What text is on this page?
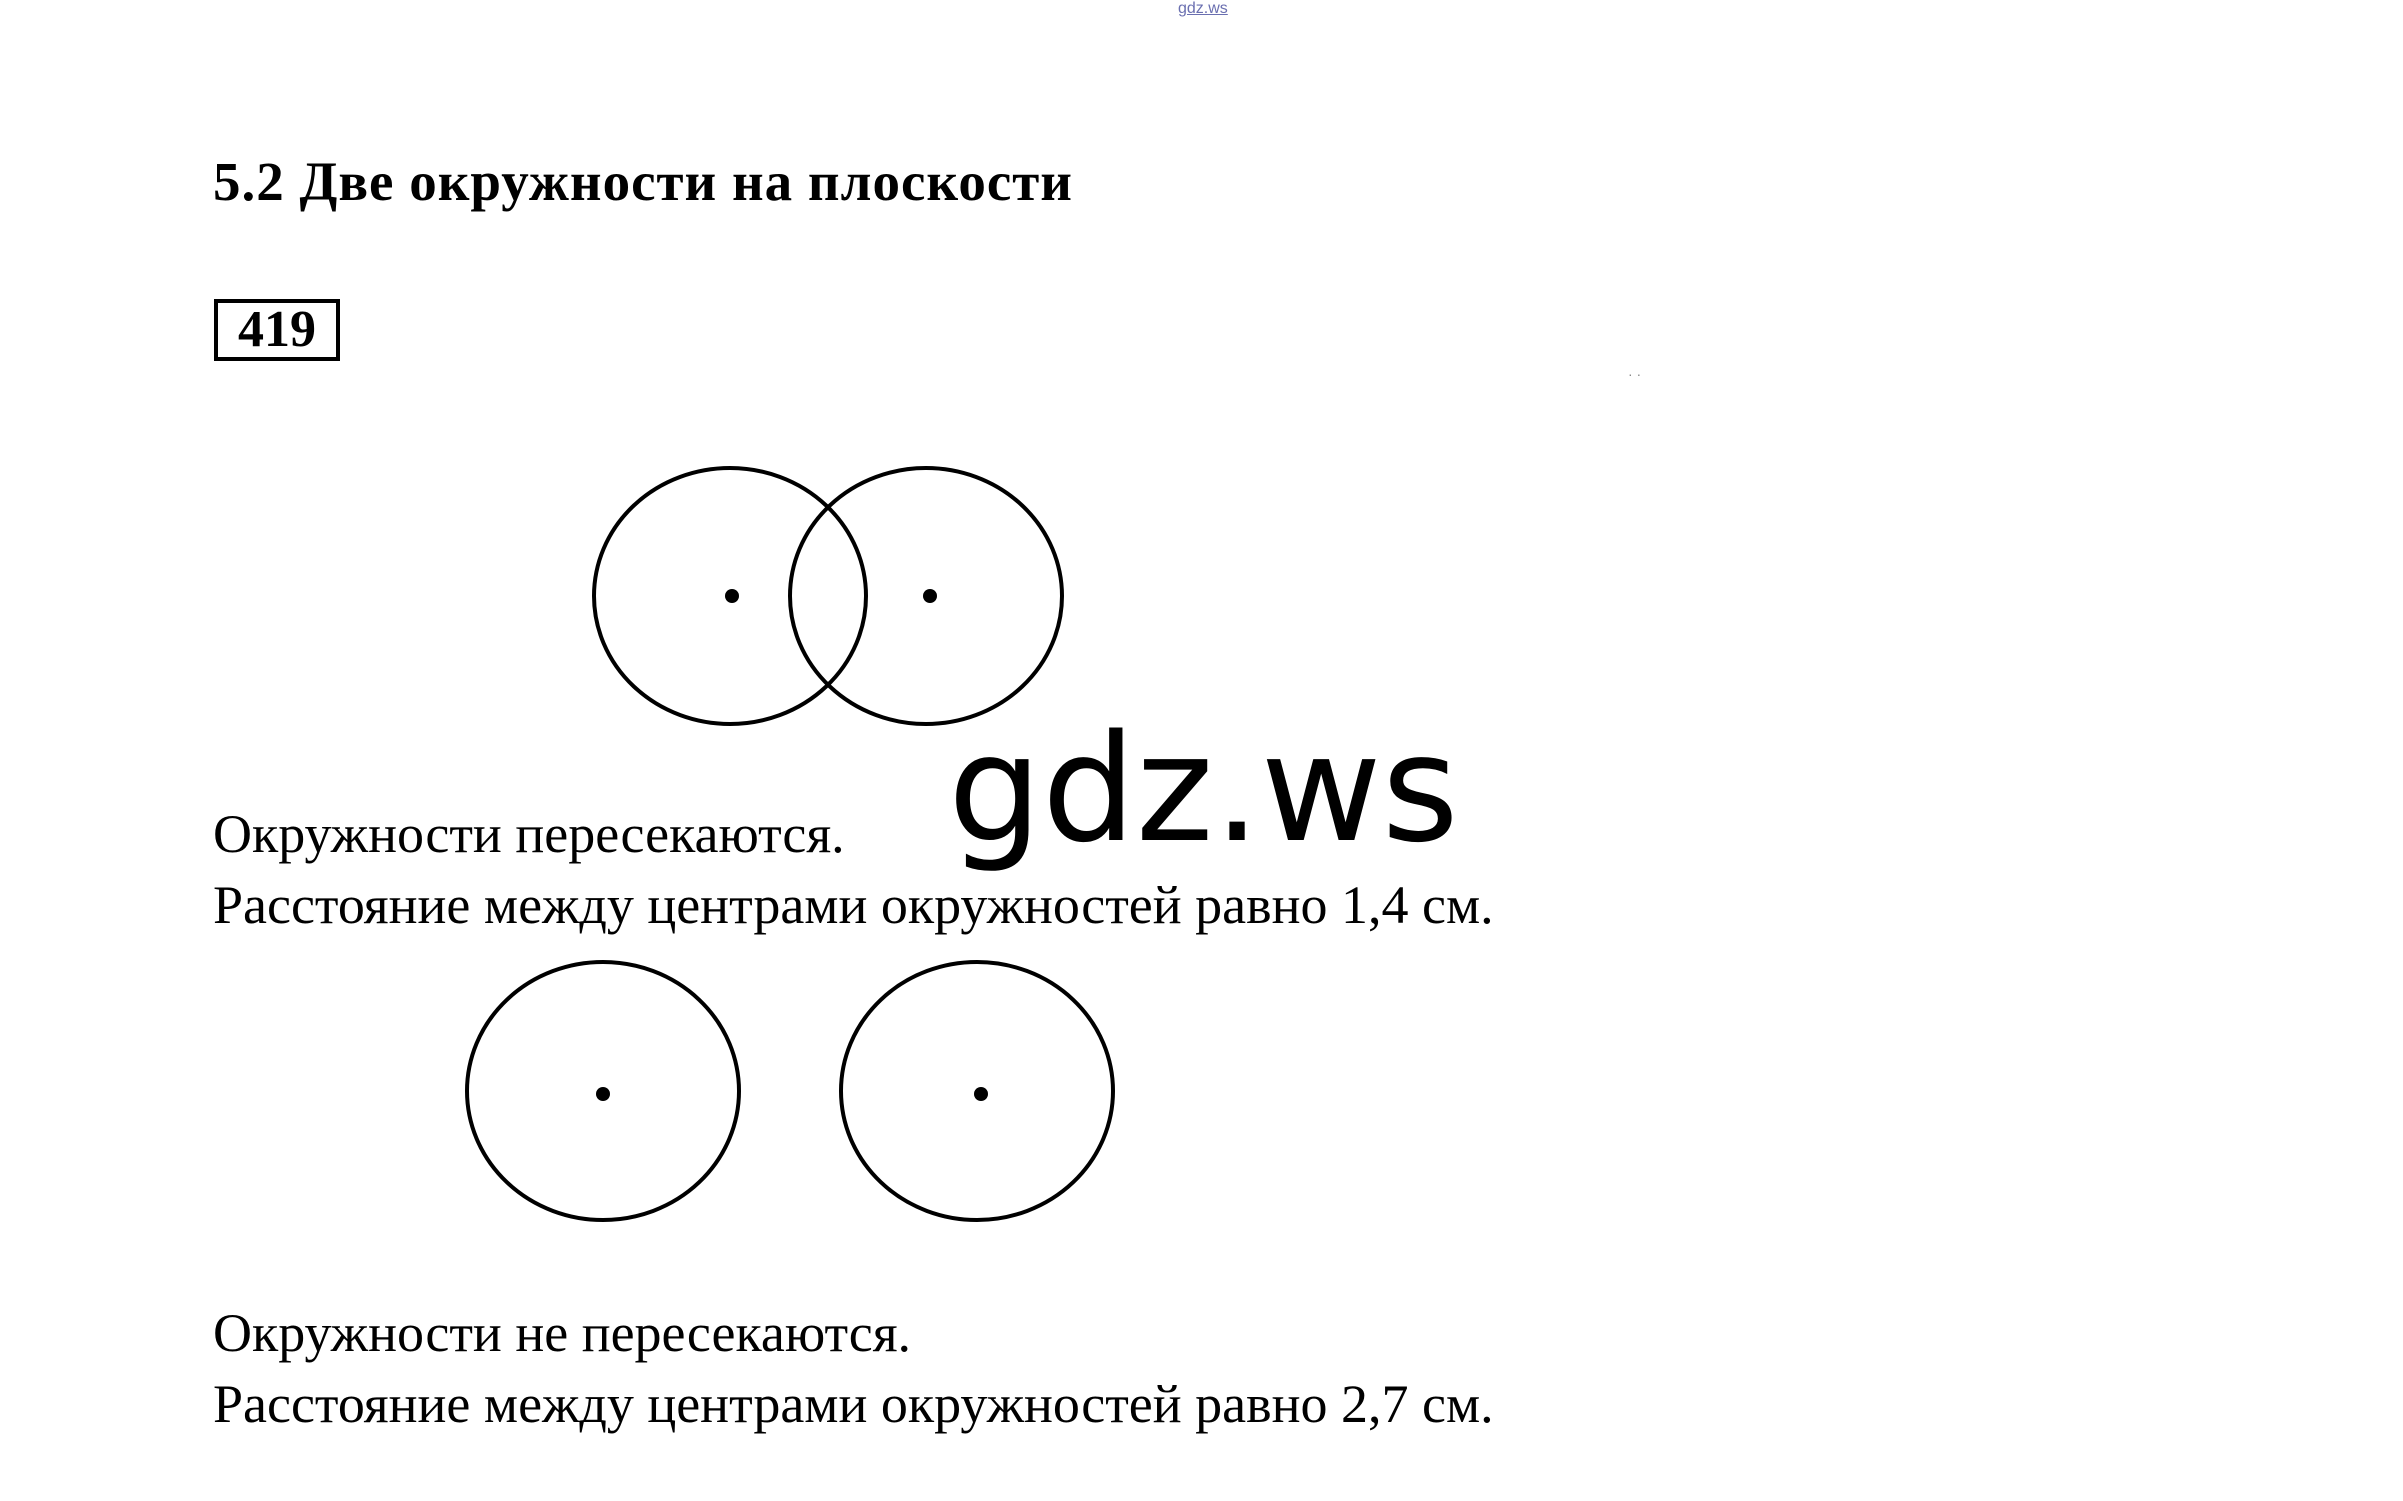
gdz.ws
5.2 Две окружности на плоскости
419
· ·
Окружности пересекаются.
Расстояние между центрами окружностей равно 1,4 см.
Окружности не пересекаются.
Расстояние между центрами окружностей равно 2,7 см.
gdz.ws
